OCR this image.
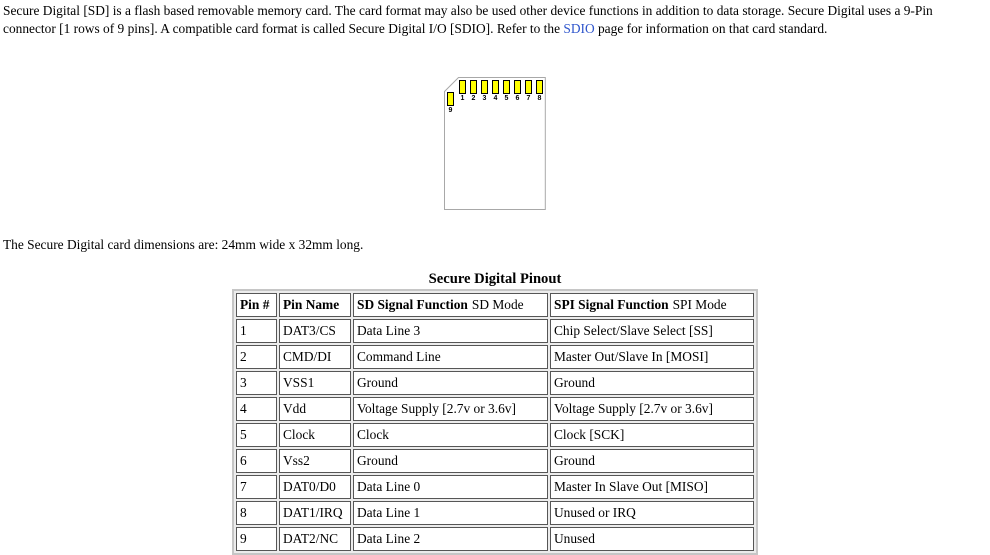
Secure Digital [SD] is a flash based removable memory card. The card format may also be used other device functions in addition to data storage. Secure Digital uses a 9-Pin connector [1 rows of 9 pins]. A compatible card format is called Secure Digital I/O [SDIO]. Refer to the SDIO page for information on that card standard.

1 2 3 4 5 6 7 8
9

The Secure Digital card dimensions are: 24mm wide x 32mm long.

Secure Digital Pinout
Pin #	Pin Name	SD Signal Function SD Mode	SPI Signal Function SPI Mode
1	DAT3/CS	Data Line 3	Chip Select/Slave Select [SS]
2	CMD/DI	Command Line	Master Out/Slave In [MOSI]
3	VSS1	Ground	Ground
4	Vdd	Voltage Supply [2.7v or 3.6v]	Voltage Supply [2.7v or 3.6v]
5	Clock	Clock	Clock [SCK]
6	Vss2	Ground	Ground
7	DAT0/D0	Data Line 0	Master In Slave Out [MISO]
8	DAT1/IRQ	Data Line 1	Unused or IRQ
9	DAT2/NC	Data Line 2	Unused
